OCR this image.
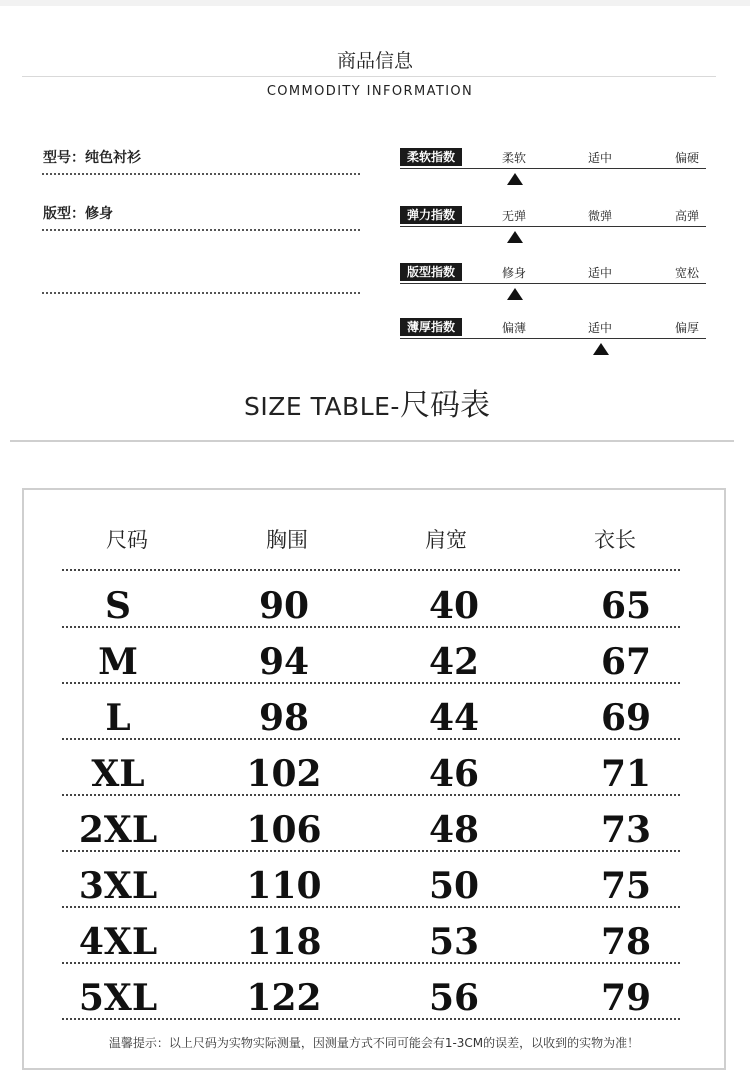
商品信息
COMMODITY INFORMATION
型号：纯色衬衫
版型：修身
柔软指数	柔软	适中	偏硬
弹力指数	无弹	微弹	高弹
版型指数	修身	适中	宽松
薄厚指数	偏薄	适中	偏厚
SIZE TABLE-尺码表
尺码	胸围	肩宽	衣长
S	90	40	65
M	94	42	67
L	98	44	69
XL	102	46	71
2XL	106	48	73
3XL	110	50	75
4XL	118	53	78
5XL	122	56	79
温馨提示：以上尺码为实物实际测量，因测量方式不同可能会有1-3CM的误差，以收到的实物为准！
